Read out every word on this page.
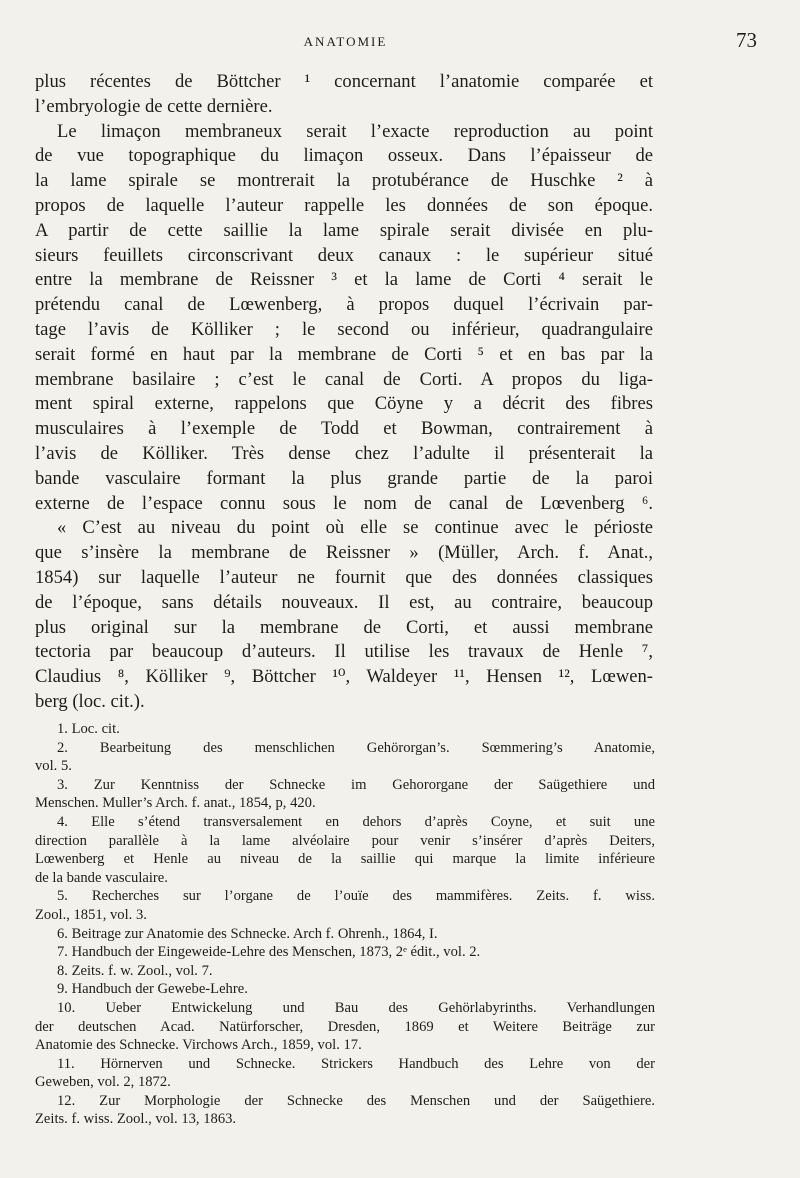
ANATOMIE	73
plus récentes de Böttcher ¹ concernant l’anatomie comparée et
l’embryologie de cette dernière.
Le limaçon membraneux serait l’exacte reproduction au point
de vue topographique du limaçon osseux. Dans l’épaisseur de
la lame spirale se montrerait la protubérance de Huschke ² à
propos de laquelle l’auteur rappelle les données de son époque.
A partir de cette saillie la lame spirale serait divisée en plu-
sieurs feuillets circonscrivant deux canaux : le supérieur situé
entre la membrane de Reissner ³ et la lame de Corti ⁴ serait le
prétendu canal de Lœwenberg, à propos duquel l’écrivain par-
tage l’avis de Kölliker ; le second ou inférieur, quadrangulaire
serait formé en haut par la membrane de Corti ⁵ et en bas par la
membrane basilaire ; c’est le canal de Corti. A propos du liga-
ment spiral externe, rappelons que Cöyne y a décrit des fibres
musculaires à l’exemple de Todd et Bowman, contrairement à
l’avis de Kölliker. Très dense chez l’adulte il présenterait la
bande vasculaire formant la plus grande partie de la paroi
externe de l’espace connu sous le nom de canal de Lœvenberg ⁶.
« C’est au niveau du point où elle se continue avec le périoste
que s’insère la membrane de Reissner » (Müller, Arch. f. Anat.,
1854) sur laquelle l’auteur ne fournit que des données classiques
de l’époque, sans détails nouveaux. Il est, au contraire, beaucoup
plus original sur la membrane de Corti, et aussi membrane
tectoria par beaucoup d’auteurs. Il utilise les travaux de Henle ⁷,
Claudius ⁸, Kölliker ⁹, Böttcher ¹⁰, Waldeyer ¹¹, Hensen ¹², Lœwen-
berg (loc. cit.).
1. Loc. cit.
2. Bearbeitung des menschlichen Gehörorgan’s. Sœmmering’s Anatomie,
vol. 5.
3. Zur Kenntniss der Schnecke im Gehororgane der Saügethiere und
Menschen. Muller’s Arch. f. anat., 1854, p, 420.
4. Elle s’étend transversalement en dehors d’après Coyne, et suit une
direction parallèle à la lame alvéolaire pour venir s’insérer d’après Deiters,
Lœwenberg et Henle au niveau de la saillie qui marque la limite inférieure
de la bande vasculaire.
5. Recherches sur l’organe de l’ouïe des mammifères. Zeits. f. wiss.
Zool., 1851, vol. 3.
6. Beitrage zur Anatomie des Schnecke. Arch f. Ohrenh., 1864, I.
7. Handbuch der Eingeweide-Lehre des Menschen, 1873, 2ᵉ édit., vol. 2.
8. Zeits. f. w. Zool., vol. 7.
9. Handbuch der Gewebe-Lehre.
10. Ueber Entwickelung und Bau des Gehörlabyrinths. Verhandlungen
der deutschen Acad. Natürforscher, Dresden, 1869 et Weitere Beiträge zur
Anatomie des Schnecke. Virchows Arch., 1859, vol. 17.
11. Hörnerven und Schnecke. Strickers Handbuch des Lehre von der
Geweben, vol. 2, 1872.
12. Zur Morphologie der Schnecke des Menschen und der Saügethiere.
Zeits. f. wiss. Zool., vol. 13, 1863.
